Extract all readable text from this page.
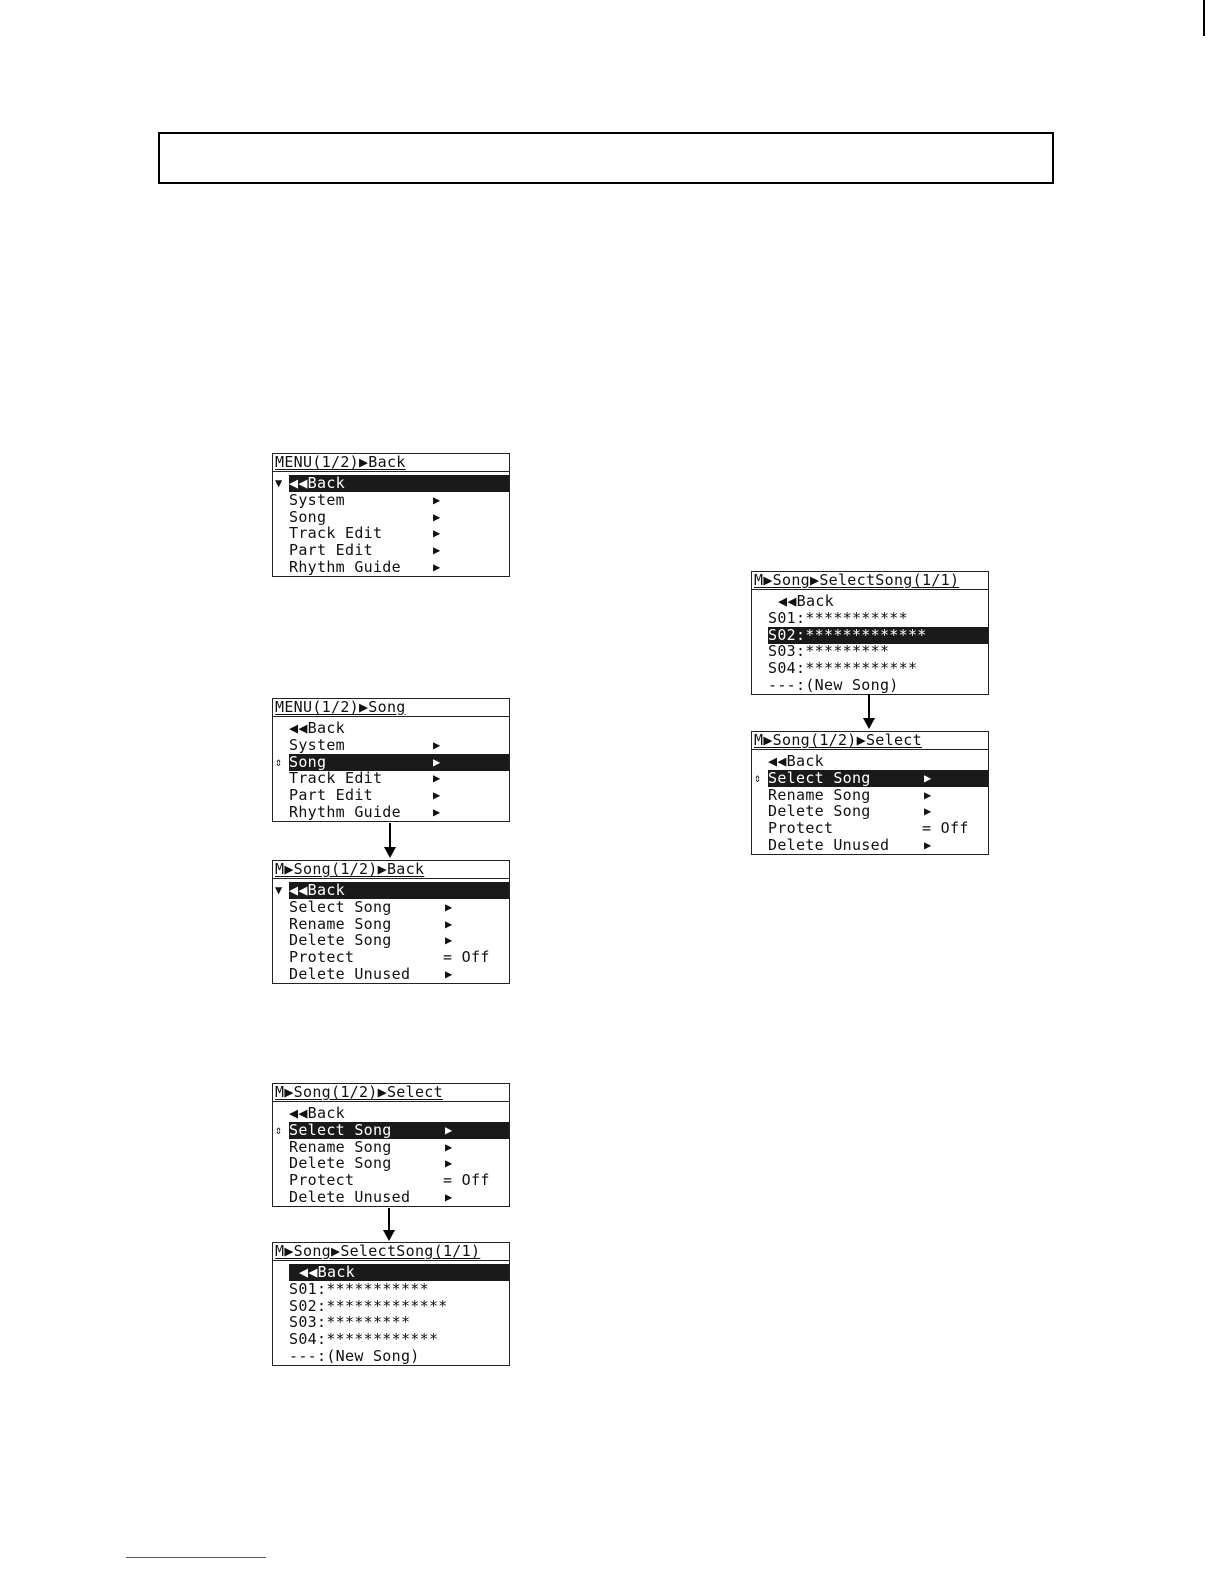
MENU(1/2)▶Back
▼ ◀◀Back
System	▶
Song	▶
Track Edit	▶
Part Edit	▶
Rhythm Guide	▶
MENU(1/2)▶Song
◀◀Back
System	▶
⇕ Song	▶
Track Edit	▶
Part Edit	▶
Rhythm Guide	▶
M▶Song(1/2)▶Back
▼ ◀◀Back
Select Song	▶
Rename Song	▶
Delete Song	▶
Protect	= Off
Delete Unused	▶
M▶Song(1/2)▶Select
◀◀Back
⇕ Select Song	▶
Rename Song	▶
Delete Song	▶
Protect	= Off
Delete Unused	▶
M▶Song▶SelectSong(1/1)
◀◀Back
S01:***********
S02:*************
S03:*********
S04:************
---:(New Song)
M▶Song▶SelectSong(1/1)
◀◀Back
S01:***********
S02:*************
S03:*********
S04:************
---:(New Song)
M▶Song(1/2)▶Select
◀◀Back
⇕ Select Song	▶
Rename Song	▶
Delete Song	▶
Protect	= Off
Delete Unused	▶
